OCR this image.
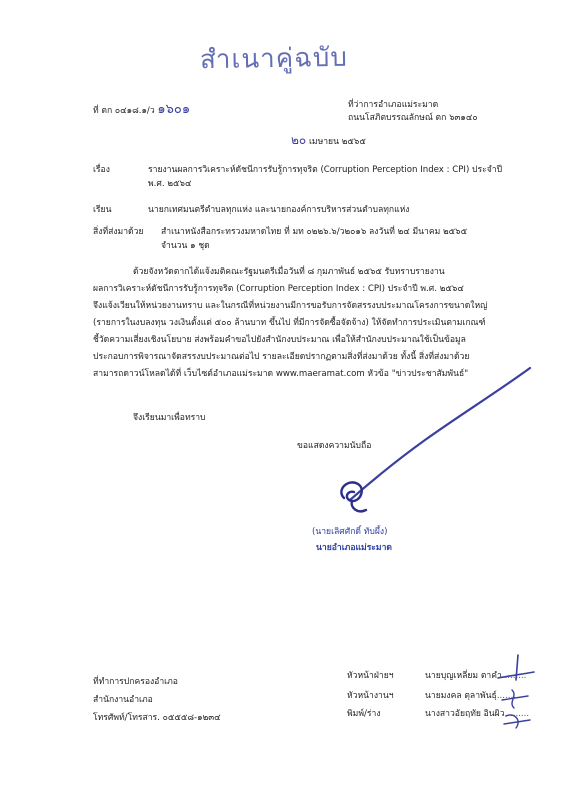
สำเนาคู่ฉบับ
ที่ ตก ๐๔๑๘.๑/ว ๑๖๐๑	ที่ว่าการอำเภอแม่ระมาด
ถนนโสภิตบรรณลักษณ์ ตก ๖๓๑๔๐
๒๐ เมษายน ๒๕๖๕
เรื่อง	รายงานผลการวิเคราะห์ดัชนีการรับรู้การทุจริต (Corruption Perception Index : CPI) ประจำปี
พ.ศ. ๒๕๖๔
เรียน	นายกเทศมนตรีตำบลทุกแห่ง และนายกองค์การบริหารส่วนตำบลทุกแห่ง
สิ่งที่ส่งมาด้วย สำเนาหนังสือกระทรวงมหาดไทย ที่ มท ๐๒๒๖.๖/ว๒๐๑๖ ลงวันที่ ๒๔ มีนาคม ๒๕๖๕
จำนวน ๑ ชุด
ด้วยจังหวัดตากได้แจ้งมติคณะรัฐมนตรีเมื่อวันที่ ๘ กุมภาพันธ์ ๒๕๖๕ รับทราบรายงาน
ผลการวิเคราะห์ดัชนีการรับรู้การทุจริต (Corruption Perception Index : CPI) ประจำปี พ.ศ. ๒๕๖๔
จึงแจ้งเวียนให้หน่วยงานทราบ และในกรณีที่หน่วยงานมีการขอรับการจัดสรรงบประมาณโครงการขนาดใหญ่
(รายการในงบลงทุน วงเงินตั้งแต่ ๕๐๐ ล้านบาท ขึ้นไป ที่มีการจัดซื้อจัดจ้าง) ให้จัดทำการประเมินตามเกณฑ์
ชี้วัดความเสี่ยงเชิงนโยบาย ส่งพร้อมคำขอไปยังสำนักงบประมาณ เพื่อให้สำนักงบประมาณใช้เป็นข้อมูล
ประกอบการพิจารณาจัดสรรงบประมาณต่อไป รายละเอียดปรากฏตามสิ่งที่ส่งมาด้วย ทั้งนี้ สิ่งที่ส่งมาด้วย
สามารถดาวน์โหลดได้ที่ เว็บไซต์อำเภอแม่ระมาด www.maeramat.com หัวข้อ "ข่าวประชาสัมพันธ์"
จึงเรียนมาเพื่อทราบ
ขอแสดงความนับถือ
(นายเลิศศักดิ์ ทับผึ้ง)
นายอำเภอแม่ระมาด
ที่ทำการปกครองอำเภอ
สำนักงานอำเภอ
โทรศัพท์/โทรสาร. ๐๕๕๕๘-๑๒๓๔
หัวหน้าฝ่ายฯ	นายบุญเหลี่ยม ตาคำ.........
หัวหน้างานฯ	นายมงคล ตุลาพันธุ์.........
พิมพ์/ร่าง	นางสาวอัยฤทัย อินผิว.........
